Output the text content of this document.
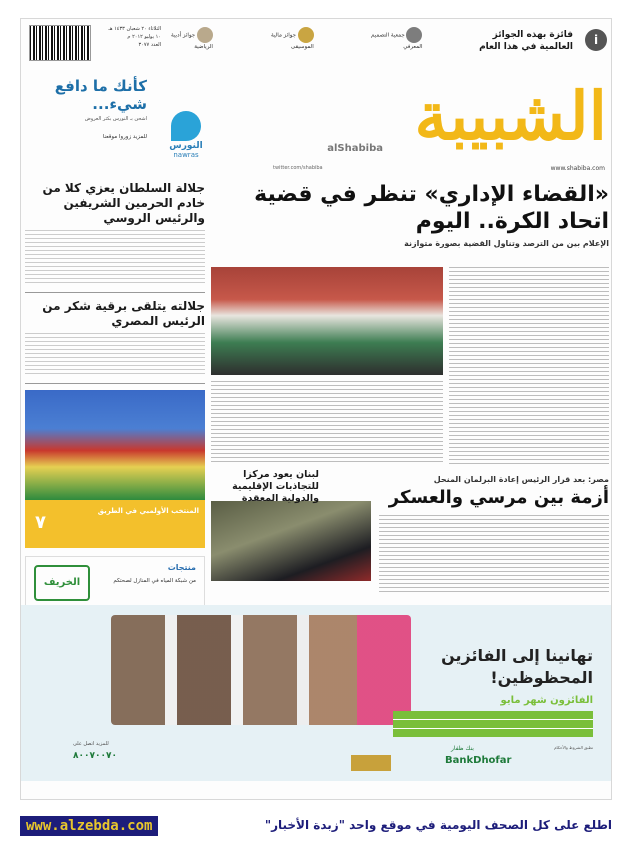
الثلاثاء ٢٠ شعبان ١٤٣٣ هـ
١٠ يوليو ٢٠١٢ م
العدد ٣٠٧٧
جوائز أدبية
الرياضية
جوائز مالية
الموسيقى
جمعية التصميم
المعرفي
فائزة بهذه الجوائز العالمية في هذا العام	i
الشبيبة
alShabiba
www.shabiba.com
twitter.com/shabiba
كأنك ما دافع شيء...
اشحن بـ النورس بكثر العروض
للمزيد زوروا موقعنا
النورس
nawras
جلالة السلطان يعزي كلا من خادم الحرمين الشريفين والرئيس الروسي
جلالته يتلقى برقية شكر من الرئيس المصري
المنتخب الأولمبي في الطريق
٧
الخريف
منتجات
من شبكة المياه في المنازل لصحتكم
«القضاء الإداري» تنظر في قضية اتحاد الكرة.. اليوم
الإعلام بين من الترصد وتناول القضية بصورة متوازنة
مصر: بعد قرار الرئيس إعادة البرلمان المنحل
أزمة بين مرسي والعسكر
لبنان يعود مركزا للتجاذبات الإقليمية والدولية المعقدة
تهانينا إلى الفائزين المحظوظين!
الفائزون شهر مايو
تطبق الشروط والأحكام
للمزيد اتصل على
٨٠٠٧٠٠٧٠
بنك ظفار
BankDhofar
www.alzebda.com	اطلع على كل الصحف اليومية في موقع واحد "زبدة الأخبار"
